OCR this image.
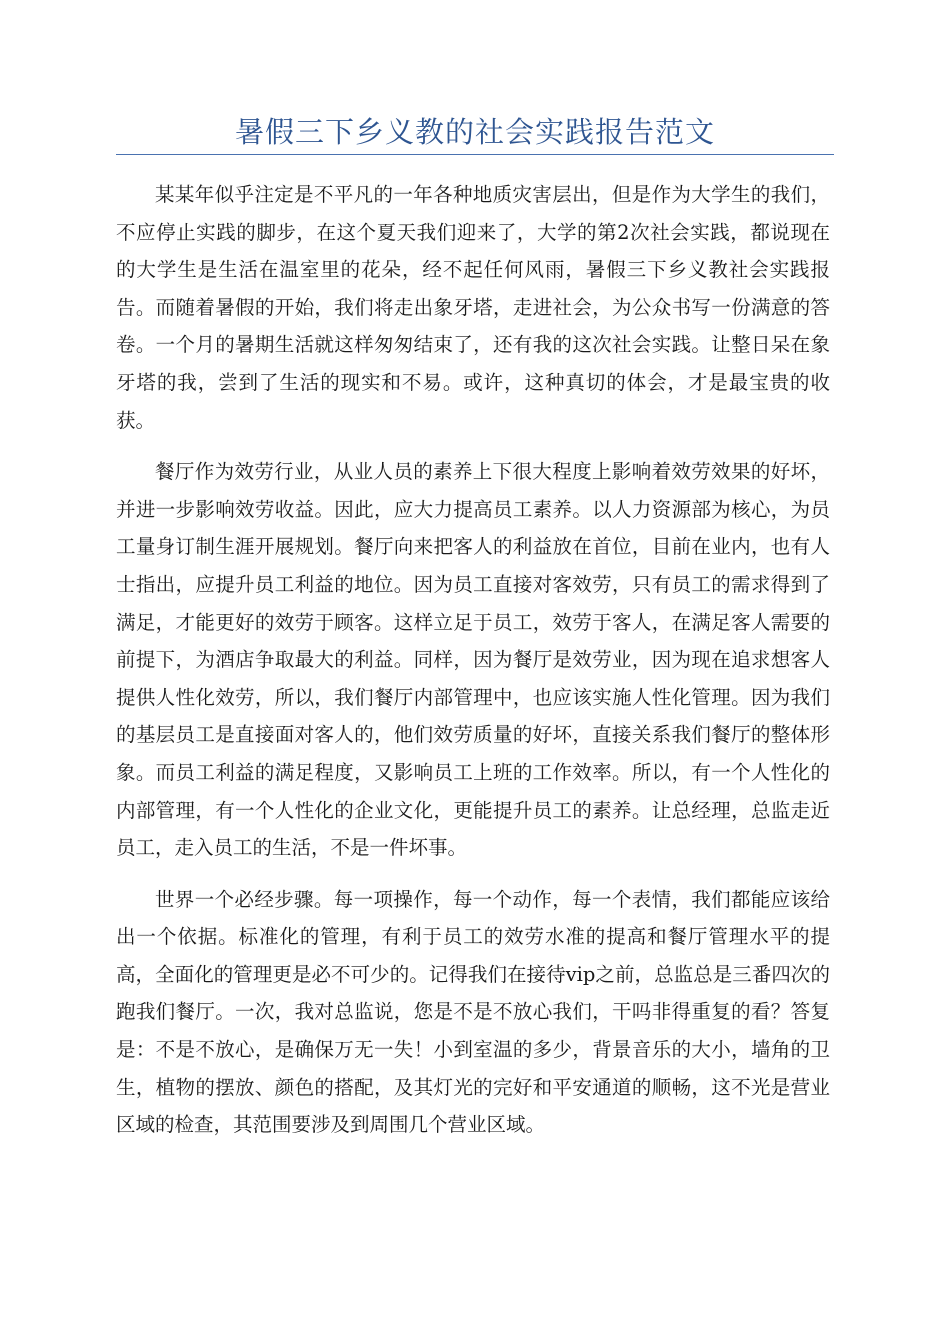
暑假三下乡义教的社会实践报告范文

某某年似乎注定是不平凡的一年各种地质灾害层出，但是作为大学生的我们，不应停止实践的脚步，在这个夏天我们迎来了，大学的第2次社会实践，都说现在的大学生是生活在温室里的花朵，经不起任何风雨，暑假三下乡义教社会实践报告。而随着暑假的开始，我们将走出象牙塔，走进社会，为公众书写一份满意的答卷。一个月的暑期生活就这样匆匆结束了，还有我的这次社会实践。让整日呆在象牙塔的我，尝到了生活的现实和不易。或许，这种真切的体会，才是最宝贵的收获。

餐厅作为效劳行业，从业人员的素养上下很大程度上影响着效劳效果的好坏，并进一步影响效劳收益。因此，应大力提高员工素养。以人力资源部为核心，为员工量身订制生涯开展规划。餐厅向来把客人的利益放在首位，目前在业内，也有人士指出，应提升员工利益的地位。因为员工直接对客效劳，只有员工的需求得到了满足，才能更好的效劳于顾客。这样立足于员工，效劳于客人，在满足客人需要的前提下，为酒店争取最大的利益。同样，因为餐厅是效劳业，因为现在追求想客人提供人性化效劳，所以，我们餐厅内部管理中，也应该实施人性化管理。因为我们的基层员工是直接面对客人的，他们效劳质量的好坏，直接关系我们餐厅的整体形象。而员工利益的满足程度，又影响员工上班的工作效率。所以，有一个人性化的内部管理，有一个人性化的企业文化，更能提升员工的素养。让总经理，总监走近员工，走入员工的生活，不是一件坏事。

世界一个必经步骤。每一项操作，每一个动作，每一个表情，我们都能应该给出一个依据。标准化的管理，有利于员工的效劳水准的提高和餐厅管理水平的提高，全面化的管理更是必不可少的。记得我们在接待vip之前，总监总是三番四次的跑我们餐厅。一次，我对总监说，您是不是不放心我们，干吗非得重复的看？答复是：不是不放心，是确保万无一失！小到室温的多少，背景音乐的大小，墙角的卫生，植物的摆放、颜色的搭配，及其灯光的完好和平安通道的顺畅，这不光是营业区域的检查，其范围要涉及到周围几个营业区域。
